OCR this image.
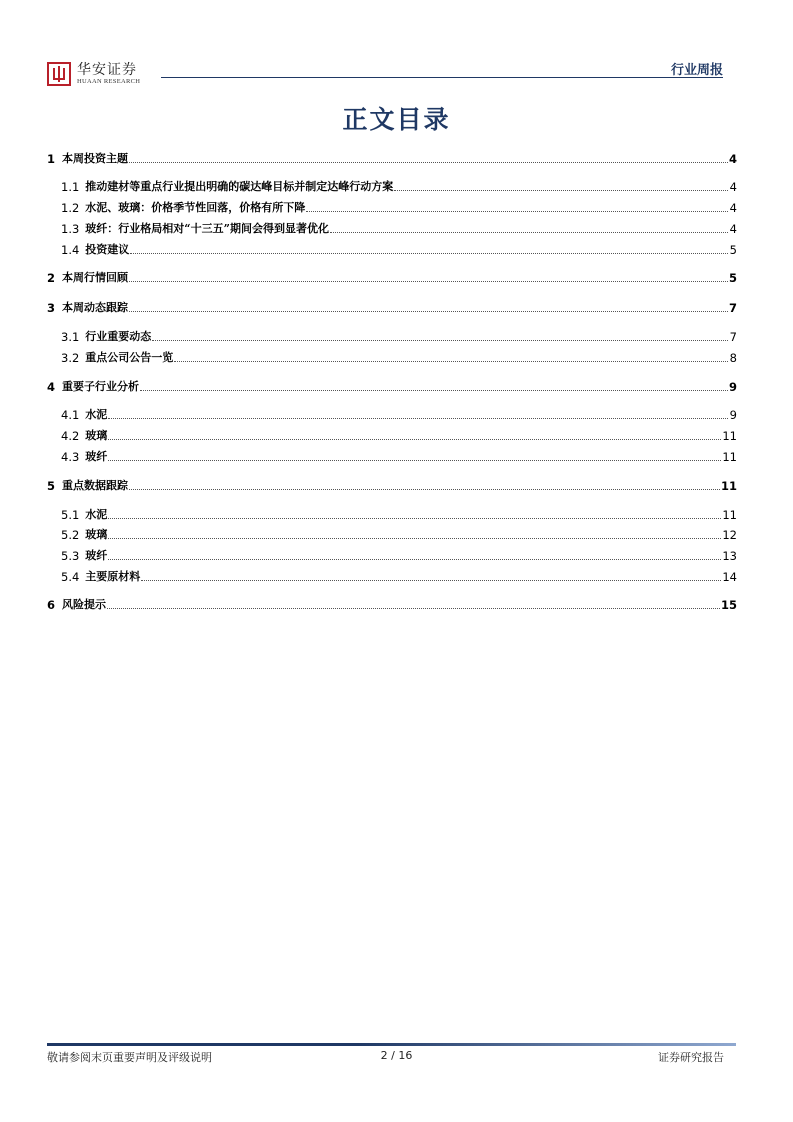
华安证券
HUAAN RESEARCH
行业周报
正文目录
1 本周投资主题	4
1.1 推动建材等重点行业提出明确的碳达峰目标并制定达峰行动方案	4
1.2 水泥、玻璃：价格季节性回落，价格有所下降	4
1.3 玻纤：行业格局相对“十三五”期间会得到显著优化	4
1.4 投资建议	5
2 本周行情回顾	5
3 本周动态跟踪	7
3.1 行业重要动态	7
3.2 重点公司公告一览	8
4 重要子行业分析	9
4.1 水泥	9
4.2 玻璃	11
4.3 玻纤	11
5 重点数据跟踪	11
5.1 水泥	11
5.2 玻璃	12
5.3 玻纤	13
5.4 主要原材料	14
6 风险提示	15
敬请参阅末页重要声明及评级说明	2 / 16	证券研究报告
